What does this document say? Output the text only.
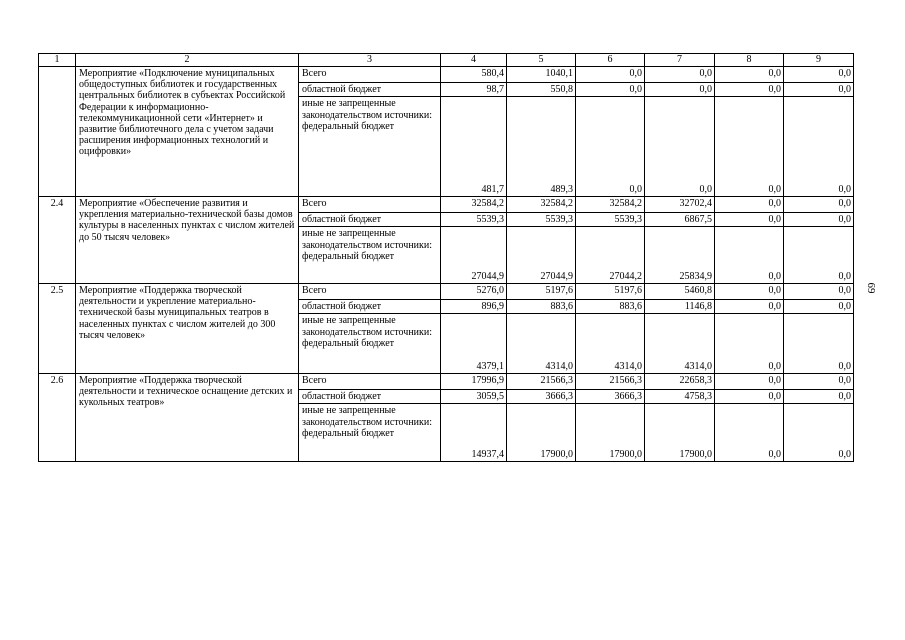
1	2	3	4	5	6	7	8	9
	Мероприятие «Подключение муниципальных общедоступных библиотек и государственных центральных библиотек в субъектах Российской Федерации к информационно-телекоммуникационной сети «Интернет» и развитие библиотечного дела с учетом задачи расширения информационных технологий и оцифровки»	Всего	580,4	1040,1	0,0	0,0	0,0	0,0
		областной бюджет	98,7	550,8	0,0	0,0	0,0	0,0
		иные не запрещенные законодательством источники: федеральный бюджет	481,7	489,3	0,0	0,0	0,0	0,0
2.4	Мероприятие «Обеспечение развития и укрепления материально-технической базы домов культуры в населенных пунктах с числом жителей до 50 тысяч человек»	Всего	32584,2	32584,2	32584,2	32702,4	0,0	0,0
		областной бюджет	5539,3	5539,3	5539,3	6867,5	0,0	0,0
		иные не запрещенные законодательством источники: федеральный бюджет	27044,9	27044,9	27044,2	25834,9	0,0	0,0
2.5	Мероприятие «Поддержка творческой деятельности и укрепление материально-технической базы муниципальных театров в населенных пунктах с числом жителей до 300 тысяч человек»	Всего	5276,0	5197,6	5197,6	5460,8	0,0	0,0
		областной бюджет	896,9	883,6	883,6	1146,8	0,0	0,0
		иные не запрещенные законодательством источники: федеральный бюджет	4379,1	4314,0	4314,0	4314,0	0,0	0,0
2.6	Мероприятие «Поддержка творческой деятельности и техническое оснащение детских и кукольных театров»	Всего	17996,9	21566,3	21566,3	22658,3	0,0	0,0
		областной бюджет	3059,5	3666,3	3666,3	4758,3	0,0	0,0
		иные не запрещенные законодательством источники: федеральный бюджет	14937,4	17900,0	17900,0	17900,0	0,0	0,0
69
